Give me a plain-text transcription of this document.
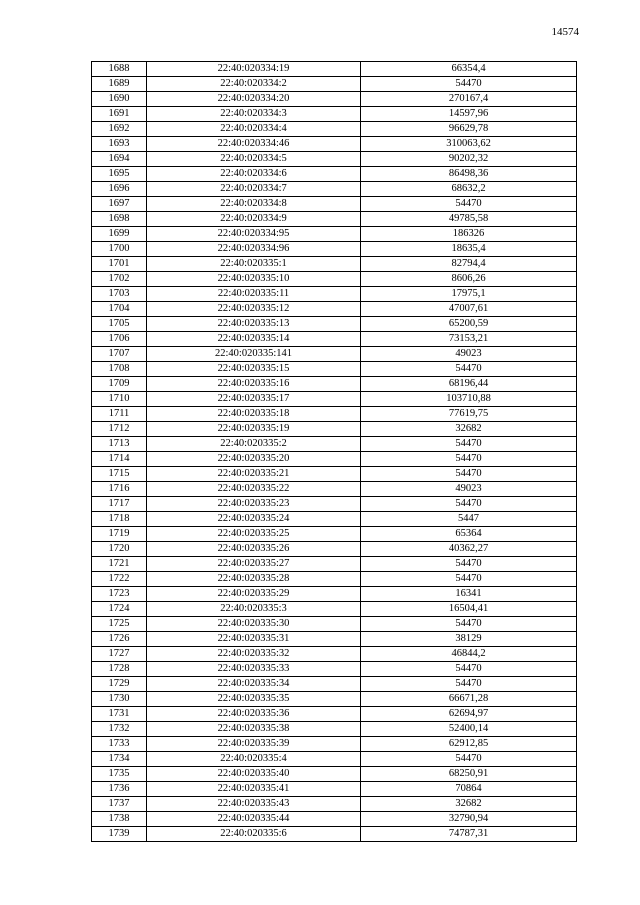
14574
1688	22:40:020334:19	66354,4
1689	22:40:020334:2	54470
1690	22:40:020334:20	270167,4
1691	22:40:020334:3	14597,96
1692	22:40:020334:4	96629,78
1693	22:40:020334:46	310063,62
1694	22:40:020334:5	90202,32
1695	22:40:020334:6	86498,36
1696	22:40:020334:7	68632,2
1697	22:40:020334:8	54470
1698	22:40:020334:9	49785,58
1699	22:40:020334:95	186326
1700	22:40:020334:96	18635,4
1701	22:40:020335:1	82794,4
1702	22:40:020335:10	8606,26
1703	22:40:020335:11	17975,1
1704	22:40:020335:12	47007,61
1705	22:40:020335:13	65200,59
1706	22:40:020335:14	73153,21
1707	22:40:020335:141	49023
1708	22:40:020335:15	54470
1709	22:40:020335:16	68196,44
1710	22:40:020335:17	103710,88
1711	22:40:020335:18	77619,75
1712	22:40:020335:19	32682
1713	22:40:020335:2	54470
1714	22:40:020335:20	54470
1715	22:40:020335:21	54470
1716	22:40:020335:22	49023
1717	22:40:020335:23	54470
1718	22:40:020335:24	5447
1719	22:40:020335:25	65364
1720	22:40:020335:26	40362,27
1721	22:40:020335:27	54470
1722	22:40:020335:28	54470
1723	22:40:020335:29	16341
1724	22:40:020335:3	16504,41
1725	22:40:020335:30	54470
1726	22:40:020335:31	38129
1727	22:40:020335:32	46844,2
1728	22:40:020335:33	54470
1729	22:40:020335:34	54470
1730	22:40:020335:35	66671,28
1731	22:40:020335:36	62694,97
1732	22:40:020335:38	52400,14
1733	22:40:020335:39	62912,85
1734	22:40:020335:4	54470
1735	22:40:020335:40	68250,91
1736	22:40:020335:41	70864
1737	22:40:020335:43	32682
1738	22:40:020335:44	32790,94
1739	22:40:020335:6	74787,31
